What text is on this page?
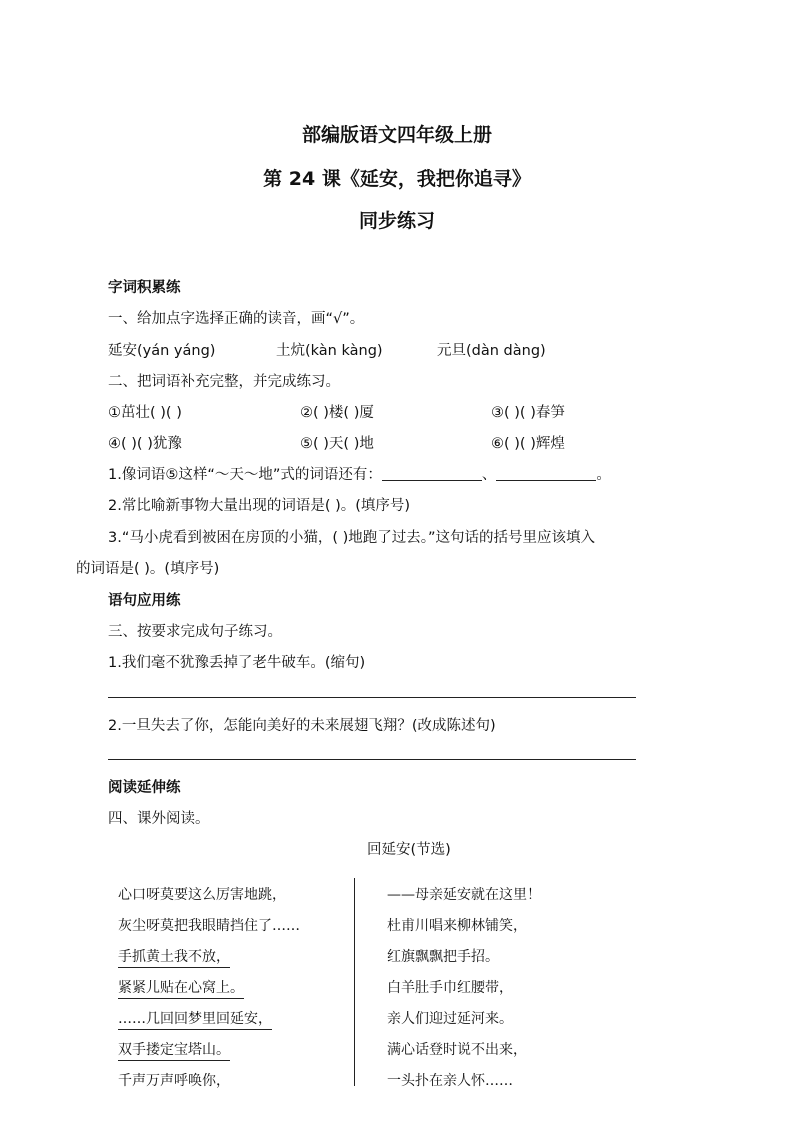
部编版语文四年级上册
第 24 课《延安，我把你追寻》
同步练习
字词积累练
一、给加点字选择正确的读音，画“√”。
延安(yán yáng)	土炕(kàn kàng)	元旦(dàn dàng)
二、把词语补充完整，并完成练习。
①茁壮( )( )	②( )楼( )厦	③( )( )春笋
④( )( )犹豫	⑤( )天( )地	⑥( )( )辉煌
1.像词语⑤这样“～天～地”式的词语还有：	、	。
2.常比喻新事物大量出现的词语是( )。(填序号)
3.“马小虎看到被困在房顶的小猫，( )地跑了过去。”这句话的括号里应该填入
的词语是( )。(填序号)
语句应用练
三、按要求完成句子练习。
1.我们毫不犹豫丢掉了老牛破车。(缩句)
2.一旦失去了你，怎能向美好的未来展翅飞翔？(改成陈述句)
阅读延伸练
四、课外阅读。
回延安(节选)
心口呀莫要这么厉害地跳，
灰尘呀莫把我眼睛挡住了……
手抓黄土我不放，
紧紧儿贴在心窝上。
……几回回梦里回延安，
双手搂定宝塔山。
千声万声呼唤你，
——母亲延安就在这里！
杜甫川唱来柳林铺笑，
红旗飘飘把手招。
白羊肚手巾红腰带，
亲人们迎过延河来。
满心话登时说不出来，
一头扑在亲人怀……
